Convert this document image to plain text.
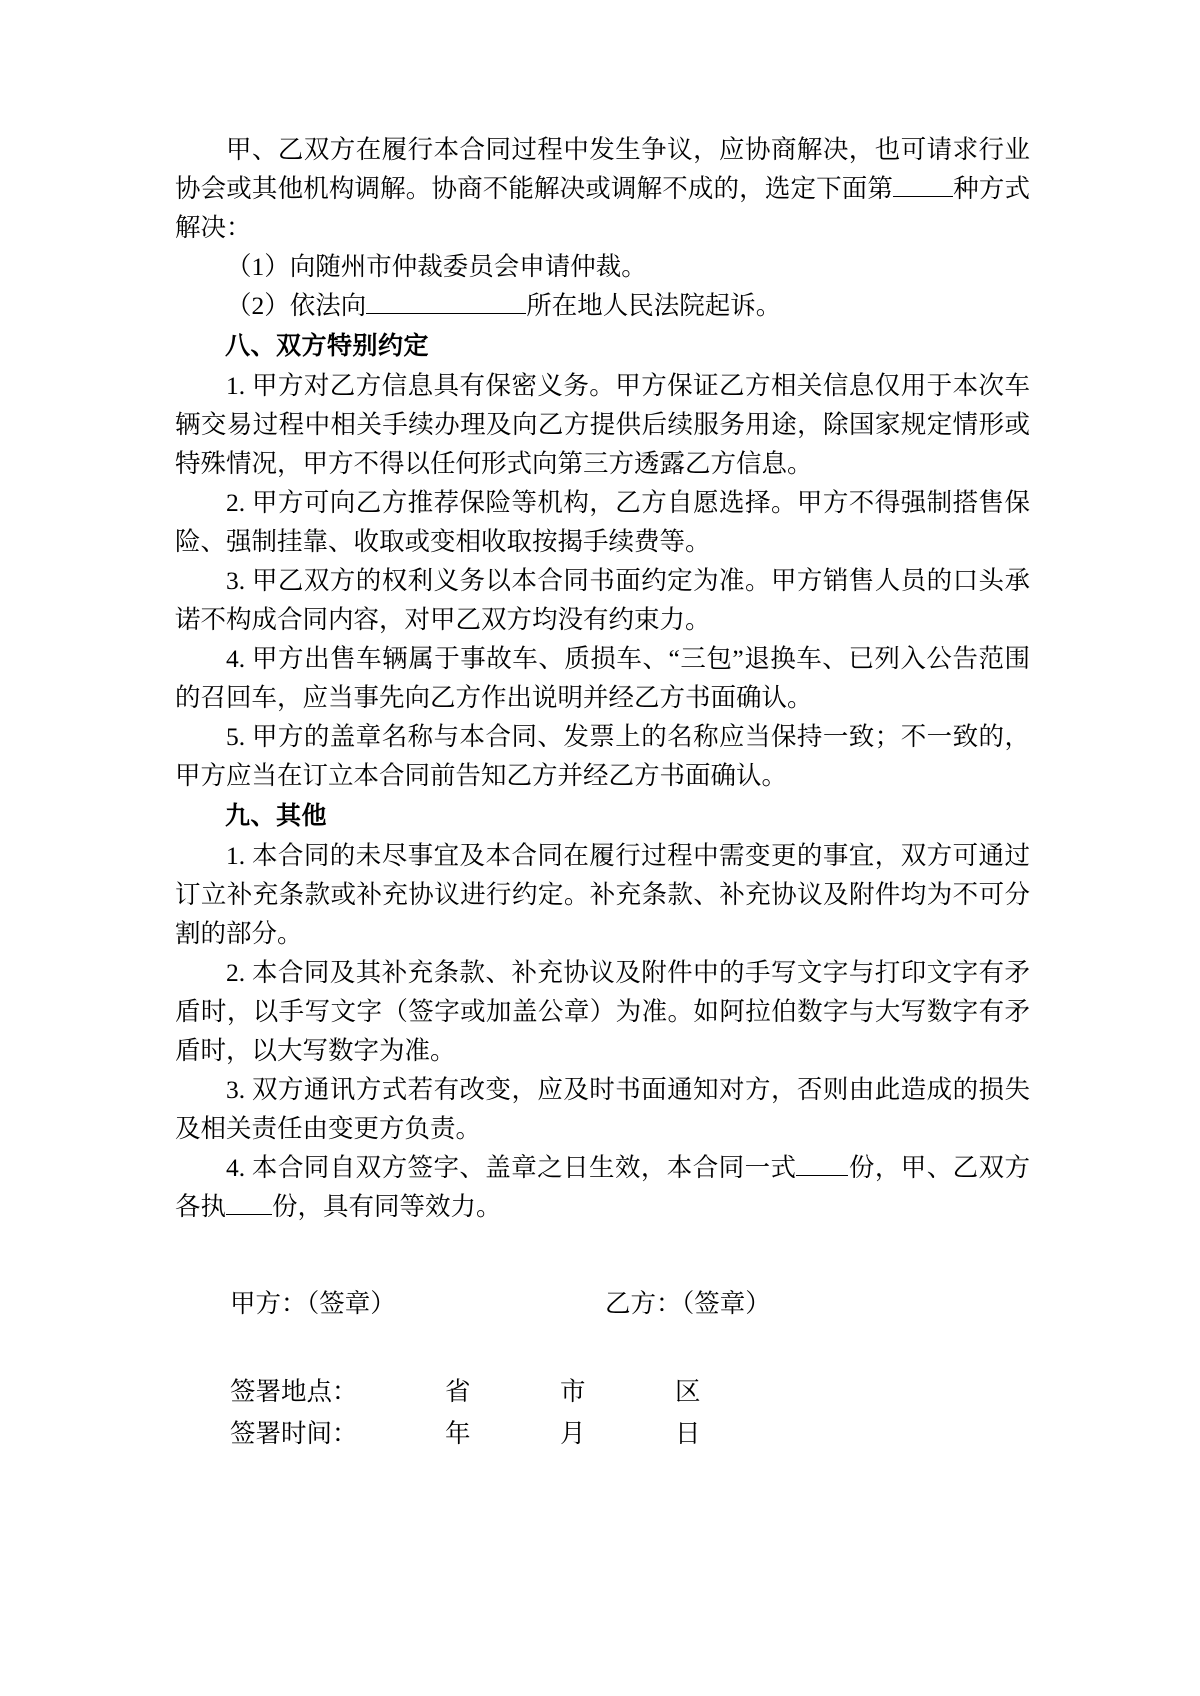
甲、乙双方在履行本合同过程中发生争议，应协商解决，也可请求行业协会或其他机构调解。协商不能解决或调解不成的，选定下面第 种方式解决：

（1）向随州市仲裁委员会申请仲裁。

（2）依法向	所在地人民法院起诉。

八、双方特别约定

1. 甲方对乙方信息具有保密义务。甲方保证乙方相关信息仅用于本次车辆交易过程中相关手续办理及向乙方提供后续服务用途，除国家规定情形或特殊情况，甲方不得以任何形式向第三方透露乙方信息。

2. 甲方可向乙方推荐保险等机构，乙方自愿选择。甲方不得强制搭售保险、强制挂靠、收取或变相收取按揭手续费等。

3. 甲乙双方的权利义务以本合同书面约定为准。甲方销售人员的口头承诺不构成合同内容，对甲乙双方均没有约束力。

4. 甲方出售车辆属于事故车、质损车、“三包”退换车、已列入公告范围的召回车，应当事先向乙方作出说明并经乙方书面确认。

5. 甲方的盖章名称与本合同、发票上的名称应当保持一致；不一致的，甲方应当在订立本合同前告知乙方并经乙方书面确认。

九、其他

1. 本合同的未尽事宜及本合同在履行过程中需变更的事宜，双方可通过订立补充条款或补充协议进行约定。补充条款、补充协议及附件均为不可分割的部分。

2. 本合同及其补充条款、补充协议及附件中的手写文字与打印文字有矛盾时，以手写文字（签字或加盖公章）为准。如阿拉伯数字与大写数字有矛盾时，以大写数字为准。

3. 双方通讯方式若有改变，应及时书面通知对方，否则由此造成的损失及相关责任由变更方负责。

4. 本合同自双方签字、盖章之日生效，本合同一式 份，甲、乙双方各执 份，具有同等效力。

甲方：（签章）	乙方：（签章）
签署地点：	省	市	区
签署时间：	年	月	日
